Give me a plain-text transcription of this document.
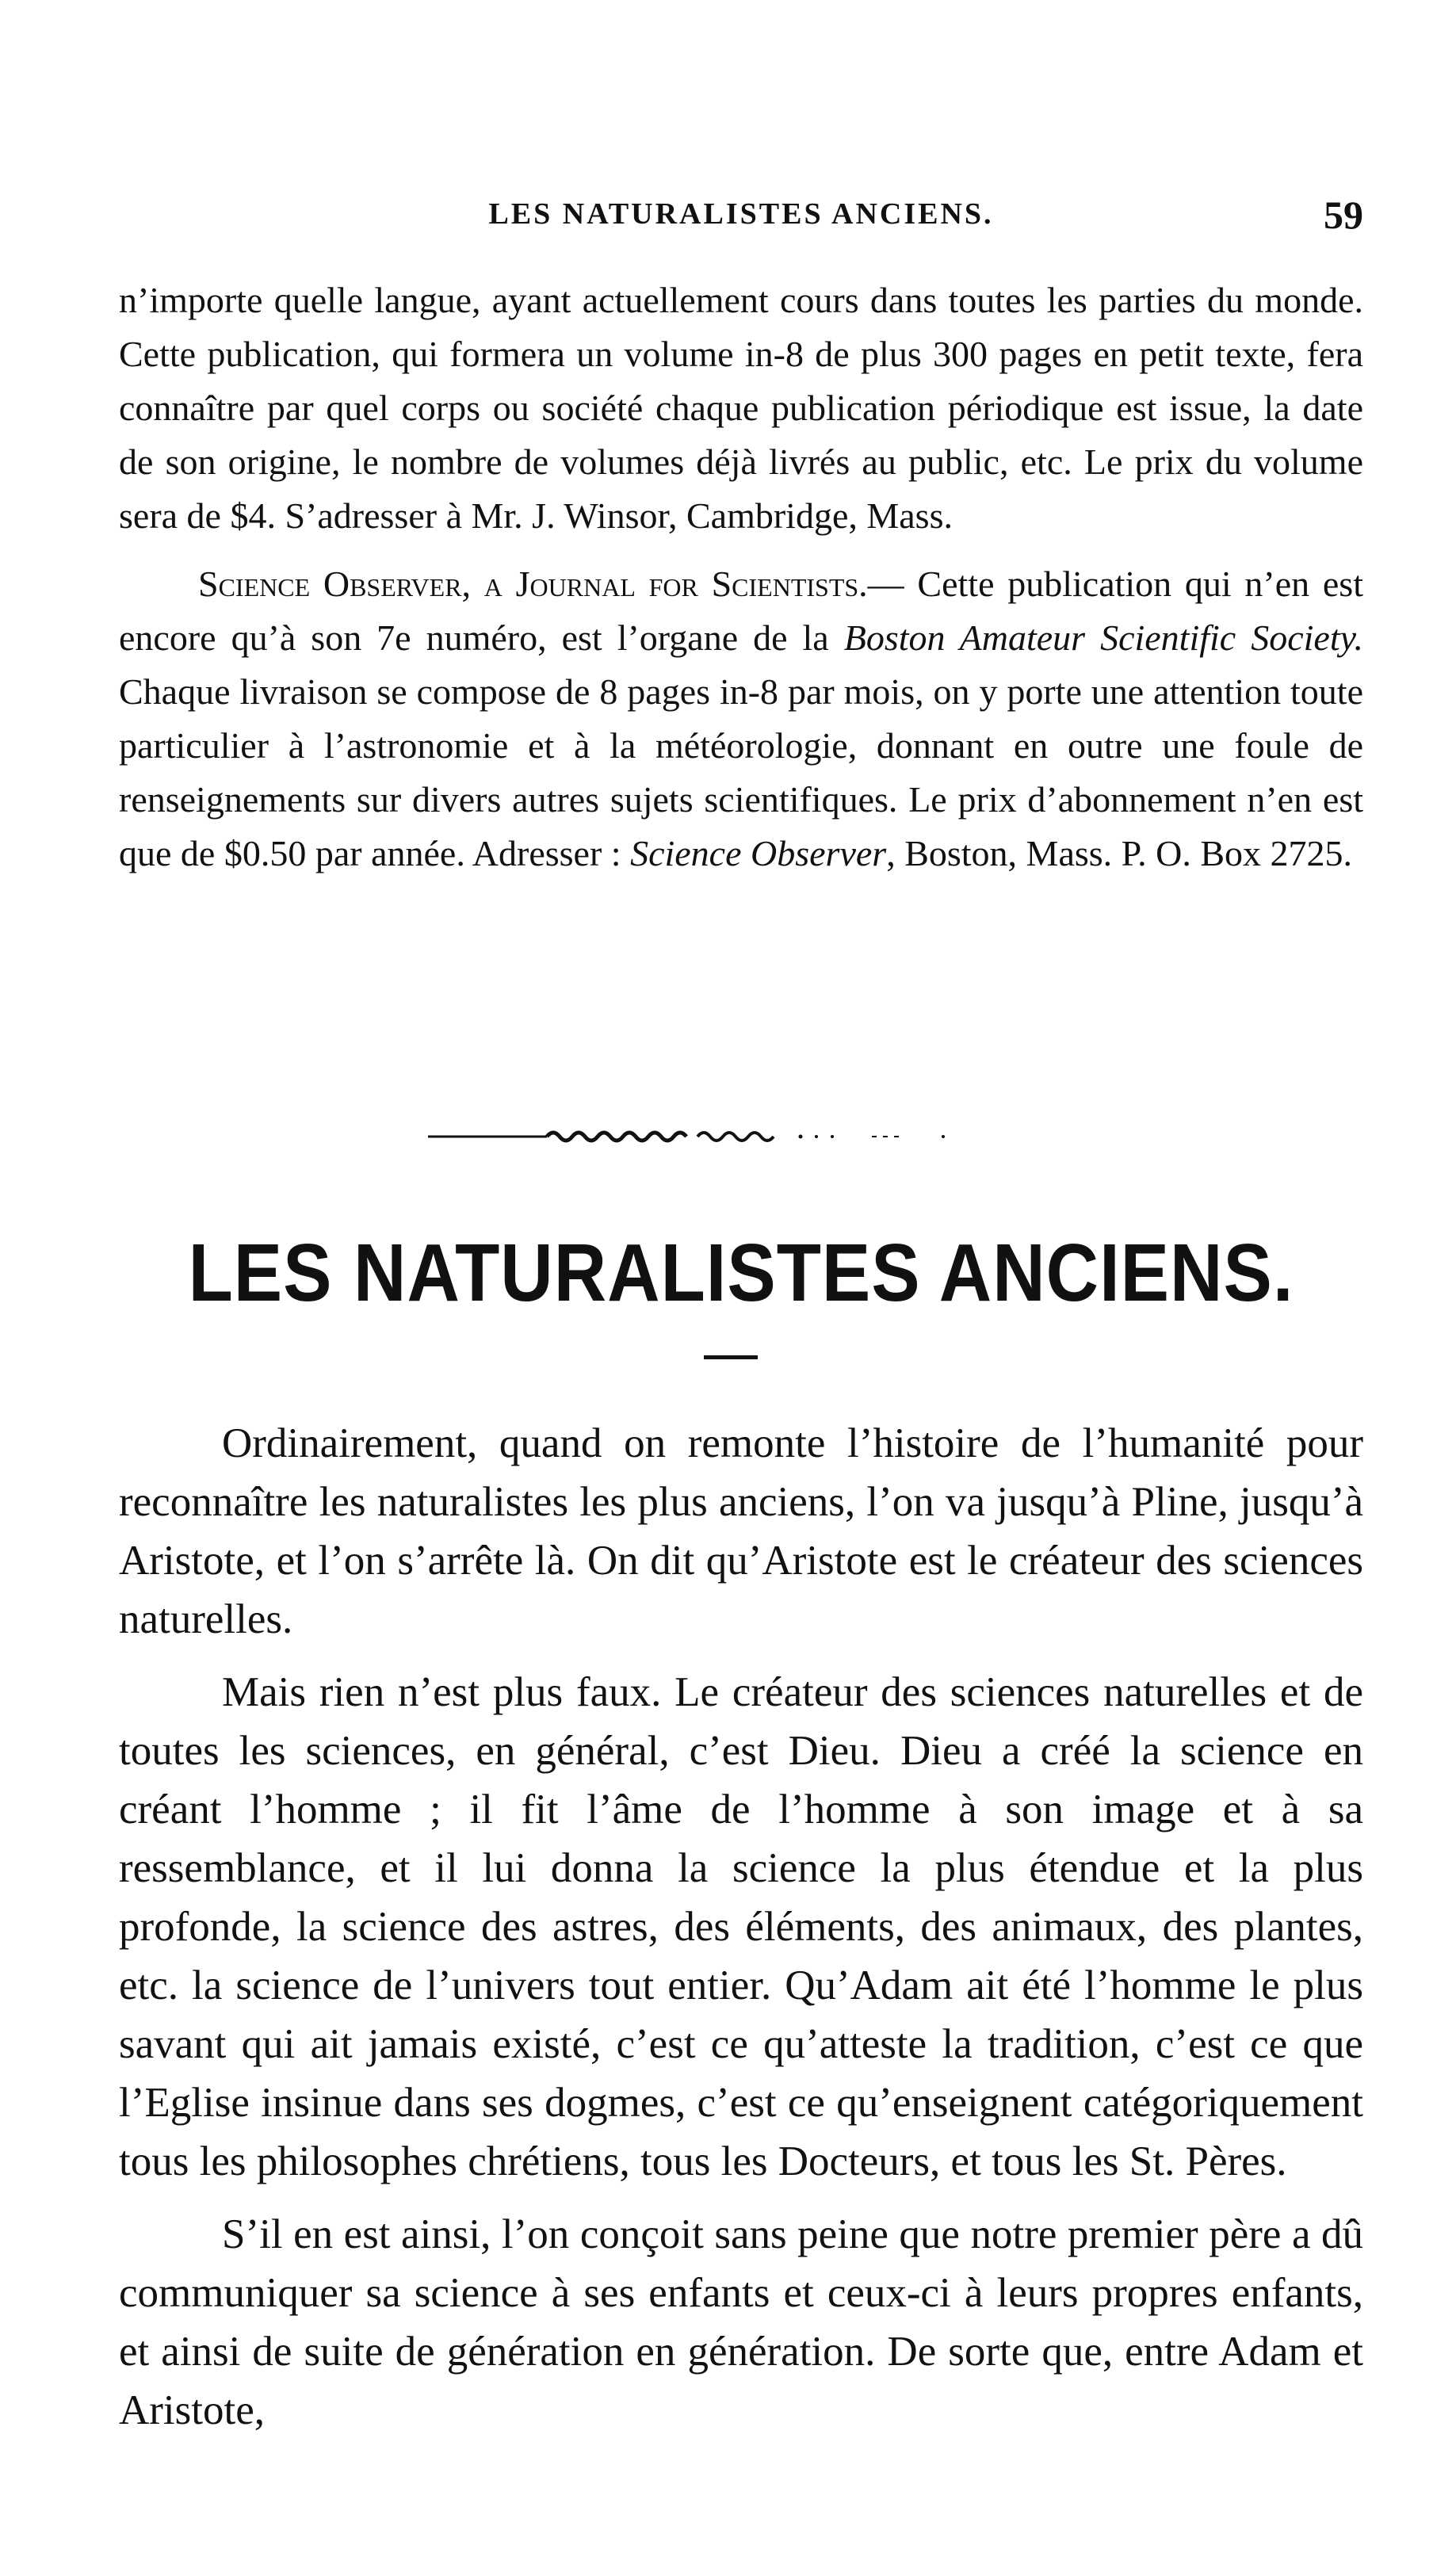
LES NATURALISTES ANCIENS.	59

n’importe quelle langue, ayant actuellement cours dans toutes les parties du monde. Cette publication, qui formera un volume in-8 de plus 300 pages en petit texte, fera connaître par quel corps ou société chaque publication périodique est issue, la date de son origine, le nombre de volumes déjà livrés au public, etc. Le prix du volume sera de $4. S’adresser à Mr. J. Winsor, Cambridge, Mass.

Science Observer, a Journal for Scientists.— Cette publication qui n’en est encore qu’à son 7e numéro, est l’organe de la Boston Amateur Scientific Society. Chaque livraison se compose de 8 pages in-8 par mois, on y porte une attention toute particulier à l’astronomie et à la météorologie, donnant en outre une foule de renseignements sur divers autres sujets scientifiques. Le prix d’abonnement n’en est que de $0.50 par année. Adresser : Science Observer, Boston, Mass. P. O. Box 2725.

LES NATURALISTES ANCIENS.

Ordinairement, quand on remonte l’histoire de l’humanité pour reconnaître les naturalistes les plus anciens, l’on va jusqu’à Pline, jusqu’à Aristote, et l’on s’arrête là. On dit qu’Aristote est le créateur des sciences naturelles.

Mais rien n’est plus faux. Le créateur des sciences naturelles et de toutes les sciences, en général, c’est Dieu. Dieu a créé la science en créant l’homme ; il fit l’âme de l’homme à son image et à sa ressemblance, et il lui donna la science la plus étendue et la plus profonde, la science des astres, des éléments, des animaux, des plantes, etc. la science de l’univers tout entier. Qu’Adam ait été l’homme le plus savant qui ait jamais existé, c’est ce qu’atteste la tradition, c’est ce que l’Eglise insinue dans ses dogmes, c’est ce qu’enseignent catégoriquement tous les philosophes chrétiens, tous les Docteurs, et tous les St. Pères.

S’il en est ainsi, l’on conçoit sans peine que notre premier père a dû communiquer sa science à ses enfants et ceux-ci à leurs propres enfants, et ainsi de suite de génération en génération. De sorte que, entre Adam et Aristote,
